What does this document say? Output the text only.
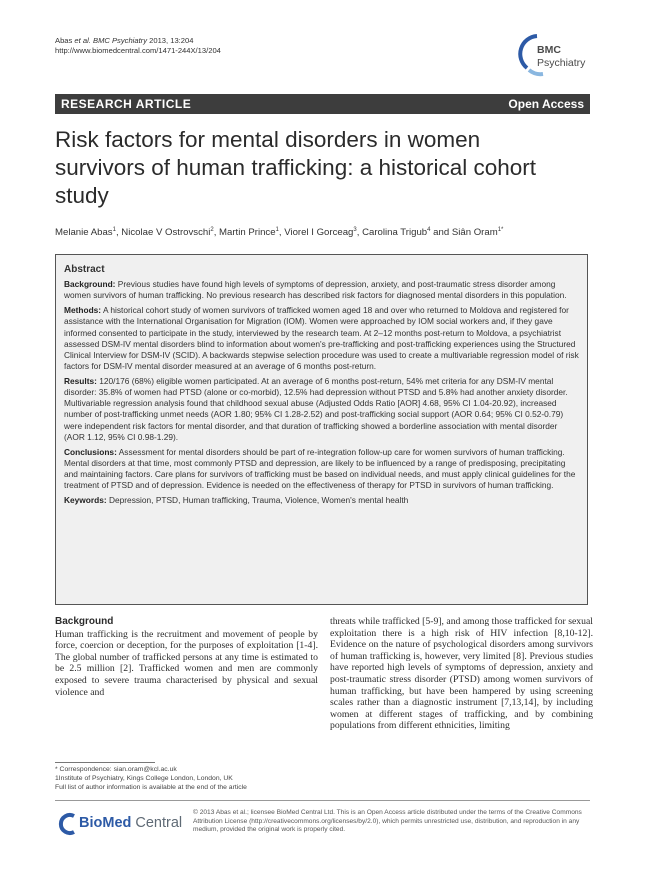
Abas et al. BMC Psychiatry 2013, 13:204
http://www.biomedcentral.com/1471-244X/13/204	BMC
Psychiatry
RESEARCH ARTICLE	Open Access
Risk factors for mental disorders in women survivors of human trafficking: a historical cohort study
Melanie Abas$^1$, Nicolae V Ostrovschi$^2$, Martin Prince$^1$, Viorel I Gorceag$^3$, Carolina Trigub$^4$ and Siân Oram$^{1*}$
Abstract

Background: Previous studies have found high levels of symptoms of depression, anxiety, and post-traumatic stress disorder among women survivors of human trafficking. No previous research has described risk factors for diagnosed mental disorders in this population.

Methods: A historical cohort study of women survivors of trafficked women aged 18 and over who returned to Moldova and registered for assistance with the International Organisation for Migration (IOM). Women were approached by IOM social workers and, if they gave informed consented to participate in the study, interviewed by the research team. At 2–12 months post-return to Moldova, a psychiatrist assessed DSM-IV mental disorders blind to information about women's pre-trafficking and post-trafficking experiences using the Structured Clinical Interview for DSM-IV (SCID). A backwards stepwise selection procedure was used to create a multivariable regression model of risk factors for DSM-IV mental disorder measured at an average of 6 months post-return.

Results: 120/176 (68%) eligible women participated. At an average of 6 months post-return, 54% met criteria for any DSM-IV mental disorder: 35.8% of women had PTSD (alone or co-morbid), 12.5% had depression without PTSD and 5.8% had another anxiety disorder. Multivariable regression analysis found that childhood sexual abuse (Adjusted Odds Ratio [AOR] 4.68, 95% CI 1.04-20.92), increased number of post-trafficking unmet needs (AOR 1.80; 95% CI 1.28-2.52) and post-trafficking social support (AOR 0.64; 95% CI 0.52-0.79) were independent risk factors for mental disorder, and that duration of trafficking showed a borderline association with mental disorder (AOR 1.12, 95% CI 0.98-1.29).

Conclusions: Assessment for mental disorders should be part of re-integration follow-up care for women survivors of human trafficking. Mental disorders at that time, most commonly PTSD and depression, are likely to be influenced by a range of predisposing, precipitating and maintaining factors. Care plans for survivors of trafficking must be based on individual needs, and must apply clinical guidelines for the treatment of PTSD and of depression. Evidence is needed on the effectiveness of therapy for PTSD in survivors of human trafficking.

Keywords: Depression, PTSD, Human trafficking, Trauma, Violence, Women's mental health

Background
Human trafficking is the recruitment and movement of people by force, coercion or deception, for the purposes of exploitation [1-4]. The global number of trafficked persons at any time is estimated to be 2.5 million [2]. Trafficked women and men are commonly exposed to severe trauma characterised by physical and sexual violence and
threats while trafficked [5-9], and among those trafficked for sexual exploitation there is a high risk of HIV infection [8,10-12]. Evidence on the nature of psychological disorders among survivors of human trafficking is, however, very limited [8]. Previous studies have reported high levels of symptoms of depression, anxiety and post-traumatic stress disorder (PTSD) among women survivors of human trafficking, but have been hampered by using screening scales rather than a diagnostic instrument [7,13,14], by including women at different stages of trafficking, and by combining populations from different ethnicities, limiting
* Correspondence: sian.oram@kcl.ac.uk
1Institute of Psychiatry, Kings College London, London, UK
Full list of author information is available at the end of the article
BioMed Central
© 2013 Abas et al.; licensee BioMed Central Ltd. This is an Open Access article distributed under the terms of the Creative Commons Attribution License (http://creativecommons.org/licenses/by/2.0), which permits unrestricted use, distribution, and reproduction in any medium, provided the original work is properly cited.
